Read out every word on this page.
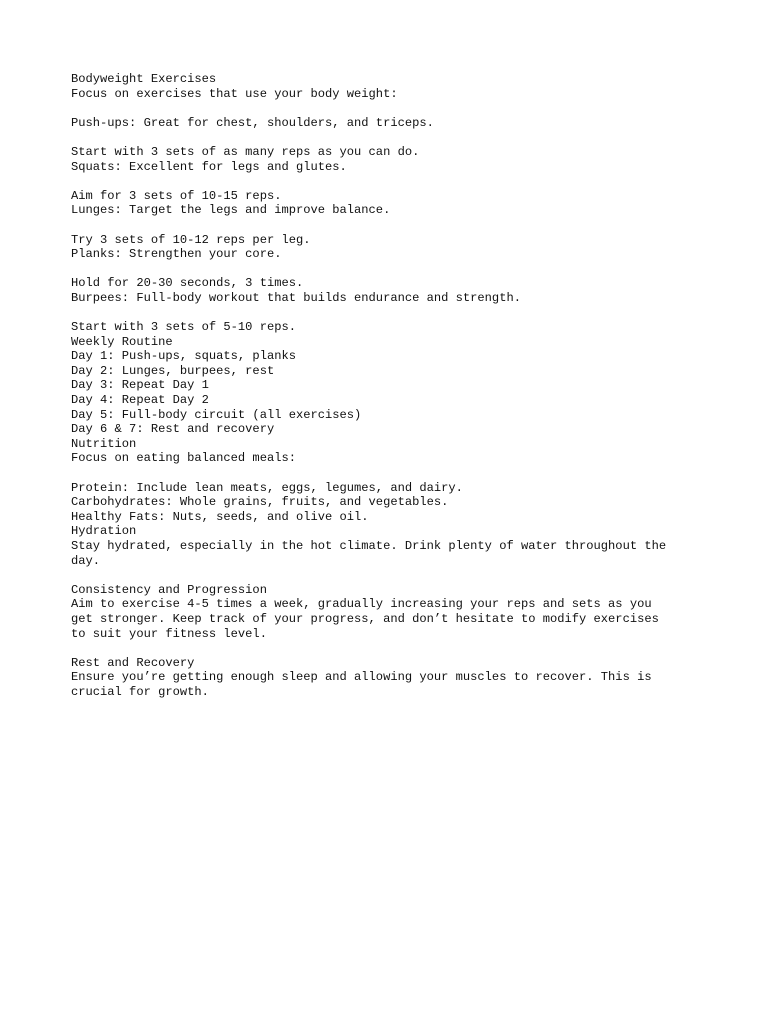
Bodyweight Exercises
Focus on exercises that use your body weight:
Push-ups: Great for chest, shoulders, and triceps.
Start with 3 sets of as many reps as you can do.
Squats: Excellent for legs and glutes.
Aim for 3 sets of 10-15 reps.
Lunges: Target the legs and improve balance.
Try 3 sets of 10-12 reps per leg.
Planks: Strengthen your core.
Hold for 20-30 seconds, 3 times.
Burpees: Full-body workout that builds endurance and strength.
Start with 3 sets of 5-10 reps.
Weekly Routine
Day 1: Push-ups, squats, planks
Day 2: Lunges, burpees, rest
Day 3: Repeat Day 1
Day 4: Repeat Day 2
Day 5: Full-body circuit (all exercises)
Day 6 & 7: Rest and recovery
Nutrition
Focus on eating balanced meals:
Protein: Include lean meats, eggs, legumes, and dairy.
Carbohydrates: Whole grains, fruits, and vegetables.
Healthy Fats: Nuts, seeds, and olive oil.
Hydration
Stay hydrated, especially in the hot climate. Drink plenty of water throughout the
day.
Consistency and Progression
Aim to exercise 4-5 times a week, gradually increasing your reps and sets as you
get stronger. Keep track of your progress, and don’t hesitate to modify exercises
to suit your fitness level.
Rest and Recovery
Ensure you’re getting enough sleep and allowing your muscles to recover. This is
crucial for growth.
